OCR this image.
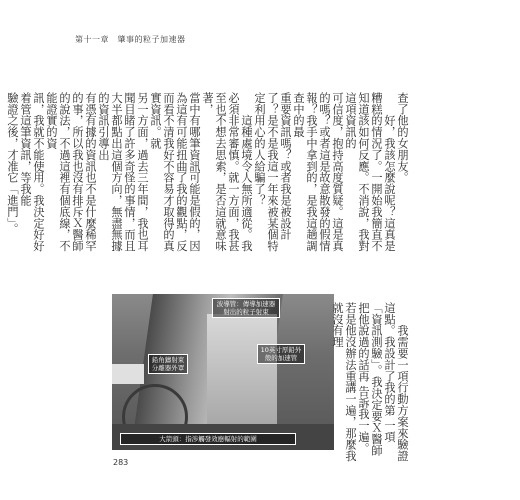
第十一章　肇事的粒子加速器
查了他的女朋友。
　　好，我該怎麼說呢？這真是糟糕的情況了。一開始我簡直不知道該如何反應。不消說，我對這項資訊的
可信度，抱持高度質疑。這是真的嗎？或者這是故意散發的假情報？我手中拿到的，是我這趟調查中的最
重要資訊嗎？或者我是被設計了？是不是我這一年來被某個特定利用心的人給騙了？
　　這種處境令人無所適從。我必須非常審慎。就一方面，我甚至也不想去思索，是否這就意味著，
當中有哪筆資訊可能是假的，因為這有可能扭曲了我的觀點，反而看不清我好不容易才取得的真實資訊。就
另一方面，過去三年間，我也耳聞目睹了許多奇怪的事情，而且大半都點出這個方向，無盡無據的資訊引導出
有憑有據的資訊也不是什麼稀罕的事，所以我也沒有排斥Ｘ醫師的說法，不過這裡有個底線，不能證實的資
訊，我就不能使用。我決定好好着管這筆資訊，等我能
驗證之後，才准它「進門」。
波導管：傳導加速器射出的粒子射束
10英寸厚鉛外殼的加速管
鉛角鑄射束分離器外罩
大箭頭：指涉觸發效應輻射的範圍	　　我需要一項行動方案來驗證這點。我設計了我的第 一項「資訊測驗」。我決定要Ｘ醫師把他說過的話再 告訴我一遍。若是他沒辦法重講一遍，那麼我就沒有理
283
